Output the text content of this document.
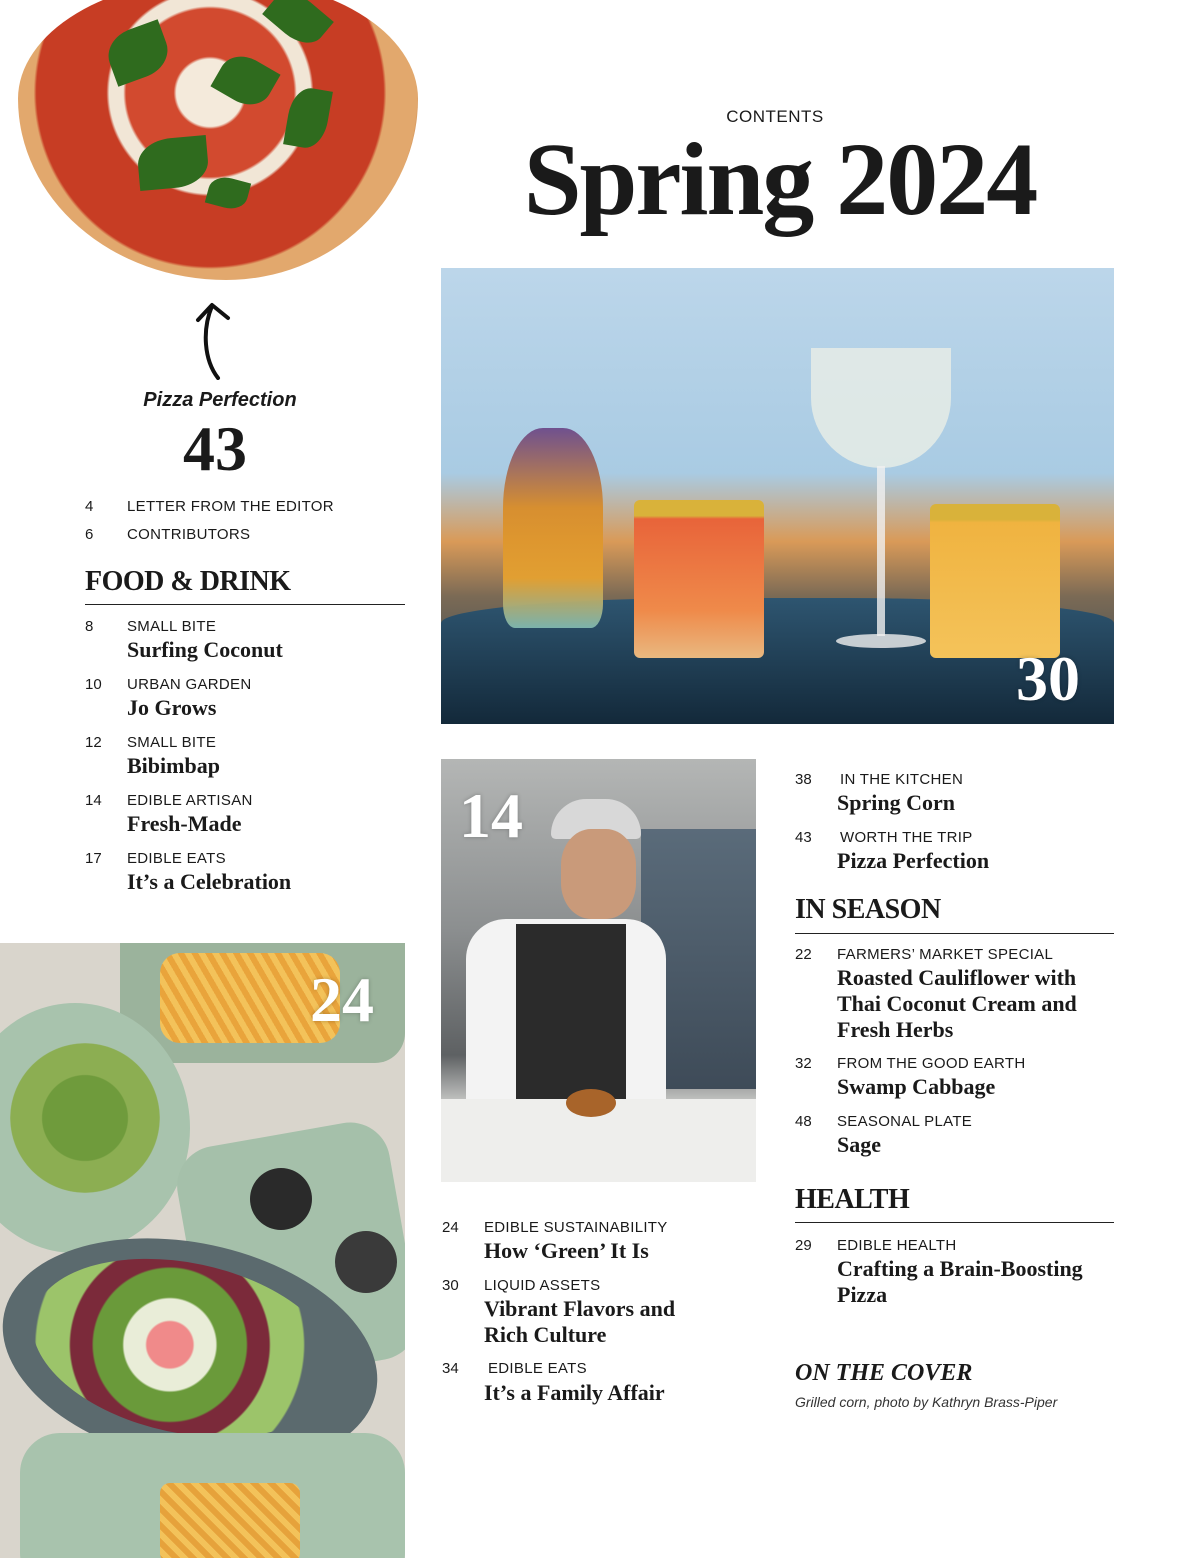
CONTENTS
Spring 2024
Pizza Perfection
43
4 LETTER FROM THE EDITOR
6 CONTRIBUTORS
FOOD & DRINK
8 SMALL BITE
Surfing Coconut
10 URBAN GARDEN
Jo Grows
12 SMALL BITE
Bibimbap
14 EDIBLE ARTISAN
Fresh-Made
17 EDIBLE EATS
It’s a Celebration
30
14
24
38 IN THE KITCHEN
Spring Corn
43 WORTH THE TRIP
Pizza Perfection
IN SEASON
22 FARMERS’ MARKET SPECIAL
Roasted Cauliflower with
Thai Coconut Cream and
Fresh Herbs
32 FROM THE GOOD EARTH
Swamp Cabbage
48 SEASONAL PLATE
Sage
HEALTH
29 EDIBLE HEALTH
Crafting a Brain-Boosting
Pizza
24 EDIBLE SUSTAINABILITY
How ‘Green’ It Is
30 LIQUID ASSETS
Vibrant Flavors and
Rich Culture
34 EDIBLE EATS
It’s a Family Affair
ON THE COVER
Grilled corn, photo by Kathryn Brass-Piper
